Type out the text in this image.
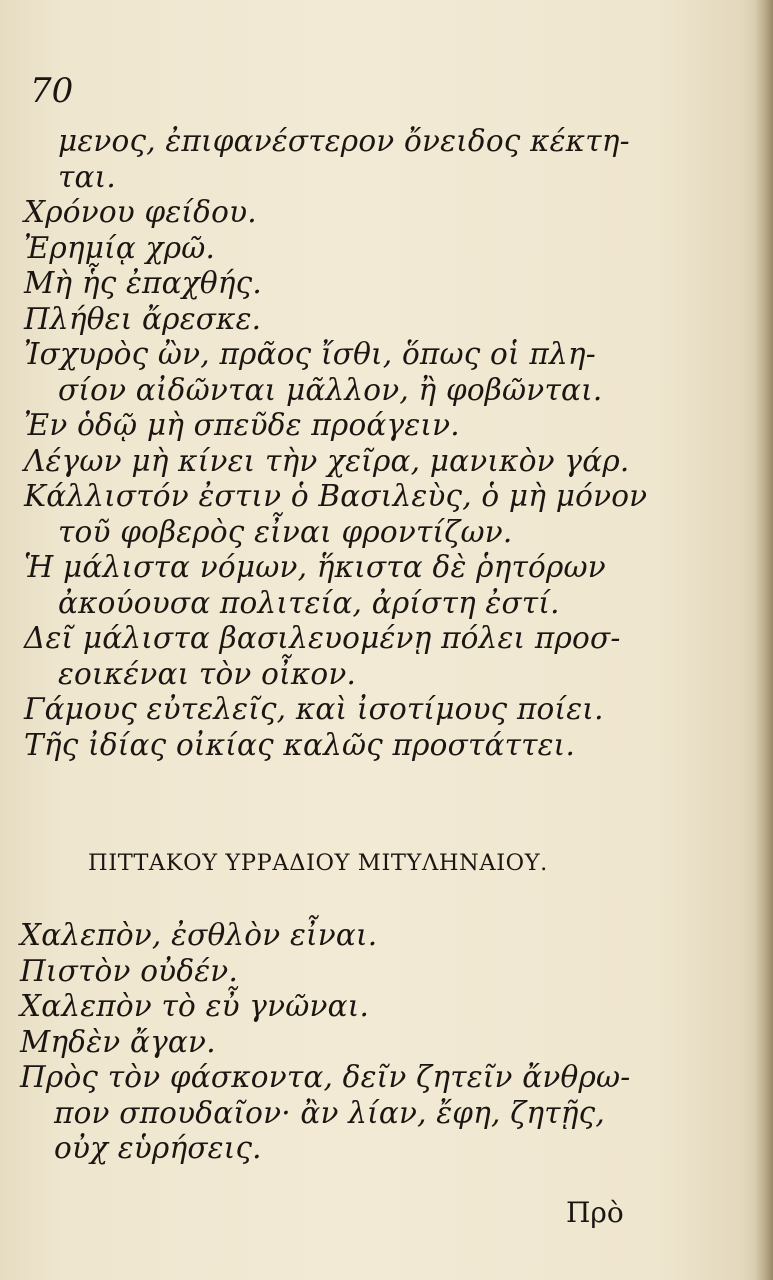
70
μενος, ἐπιφανέστερον ὄνειδος κέκτη-
ται.
Χρόνου φείδου.
Ἐρημίᾳ χρῶ.
Μὴ ἧς ἐπαχθής.
Πλήθει ἄρεσκε.
Ἰσχυρὸς ὢν, πρᾶος ἴσθι, ὅπως οἱ πλη-
σίον αἰδῶνται μᾶλλον, ἢ φοβῶνται.
Ἐν ὁδῷ μὴ σπεῦδε προάγειν.
Λέγων μὴ κίνει τὴν χεῖρα, μανικὸν γάρ.
Κάλλιστόν ἐστιν ὁ Βασιλεὺς, ὁ μὴ μόνον
τοῦ φοβερὸς εἶναι φροντίζων.
Ἡ μάλιστα νόμων, ἥκιστα δὲ ῥητόρων
ἀκούουσα πολιτεία, ἀρίστη ἐστί.
Δεῖ μάλιστα βασιλευομένῃ πόλει προσ-
εοικέναι τὸν οἶκον.
Γάμους εὐτελεῖς, καὶ ἰσοτίμους ποίει.
Τῆς ἰδίας οἰκίας καλῶς προστάττει.
ΠΙΤΤΑΚΟΥ ΥΡΡΑΔΙΟΥ ΜΙΤΥΛΗΝΑΙΟΥ.
Χαλεπὸν, ἐσθλὸν εἶναι.
Πιστὸν οὐδέν.
Χαλεπὸν τὸ εὖ γνῶναι.
Μηδὲν ἄγαν.
Πρὸς τὸν φάσκοντα, δεῖν ζητεῖν ἄνθρω-
πον σπουδαῖον· ἂν λίαν, ἔφη, ζητῇς,
οὐχ εὑρήσεις.
Πρὸ
